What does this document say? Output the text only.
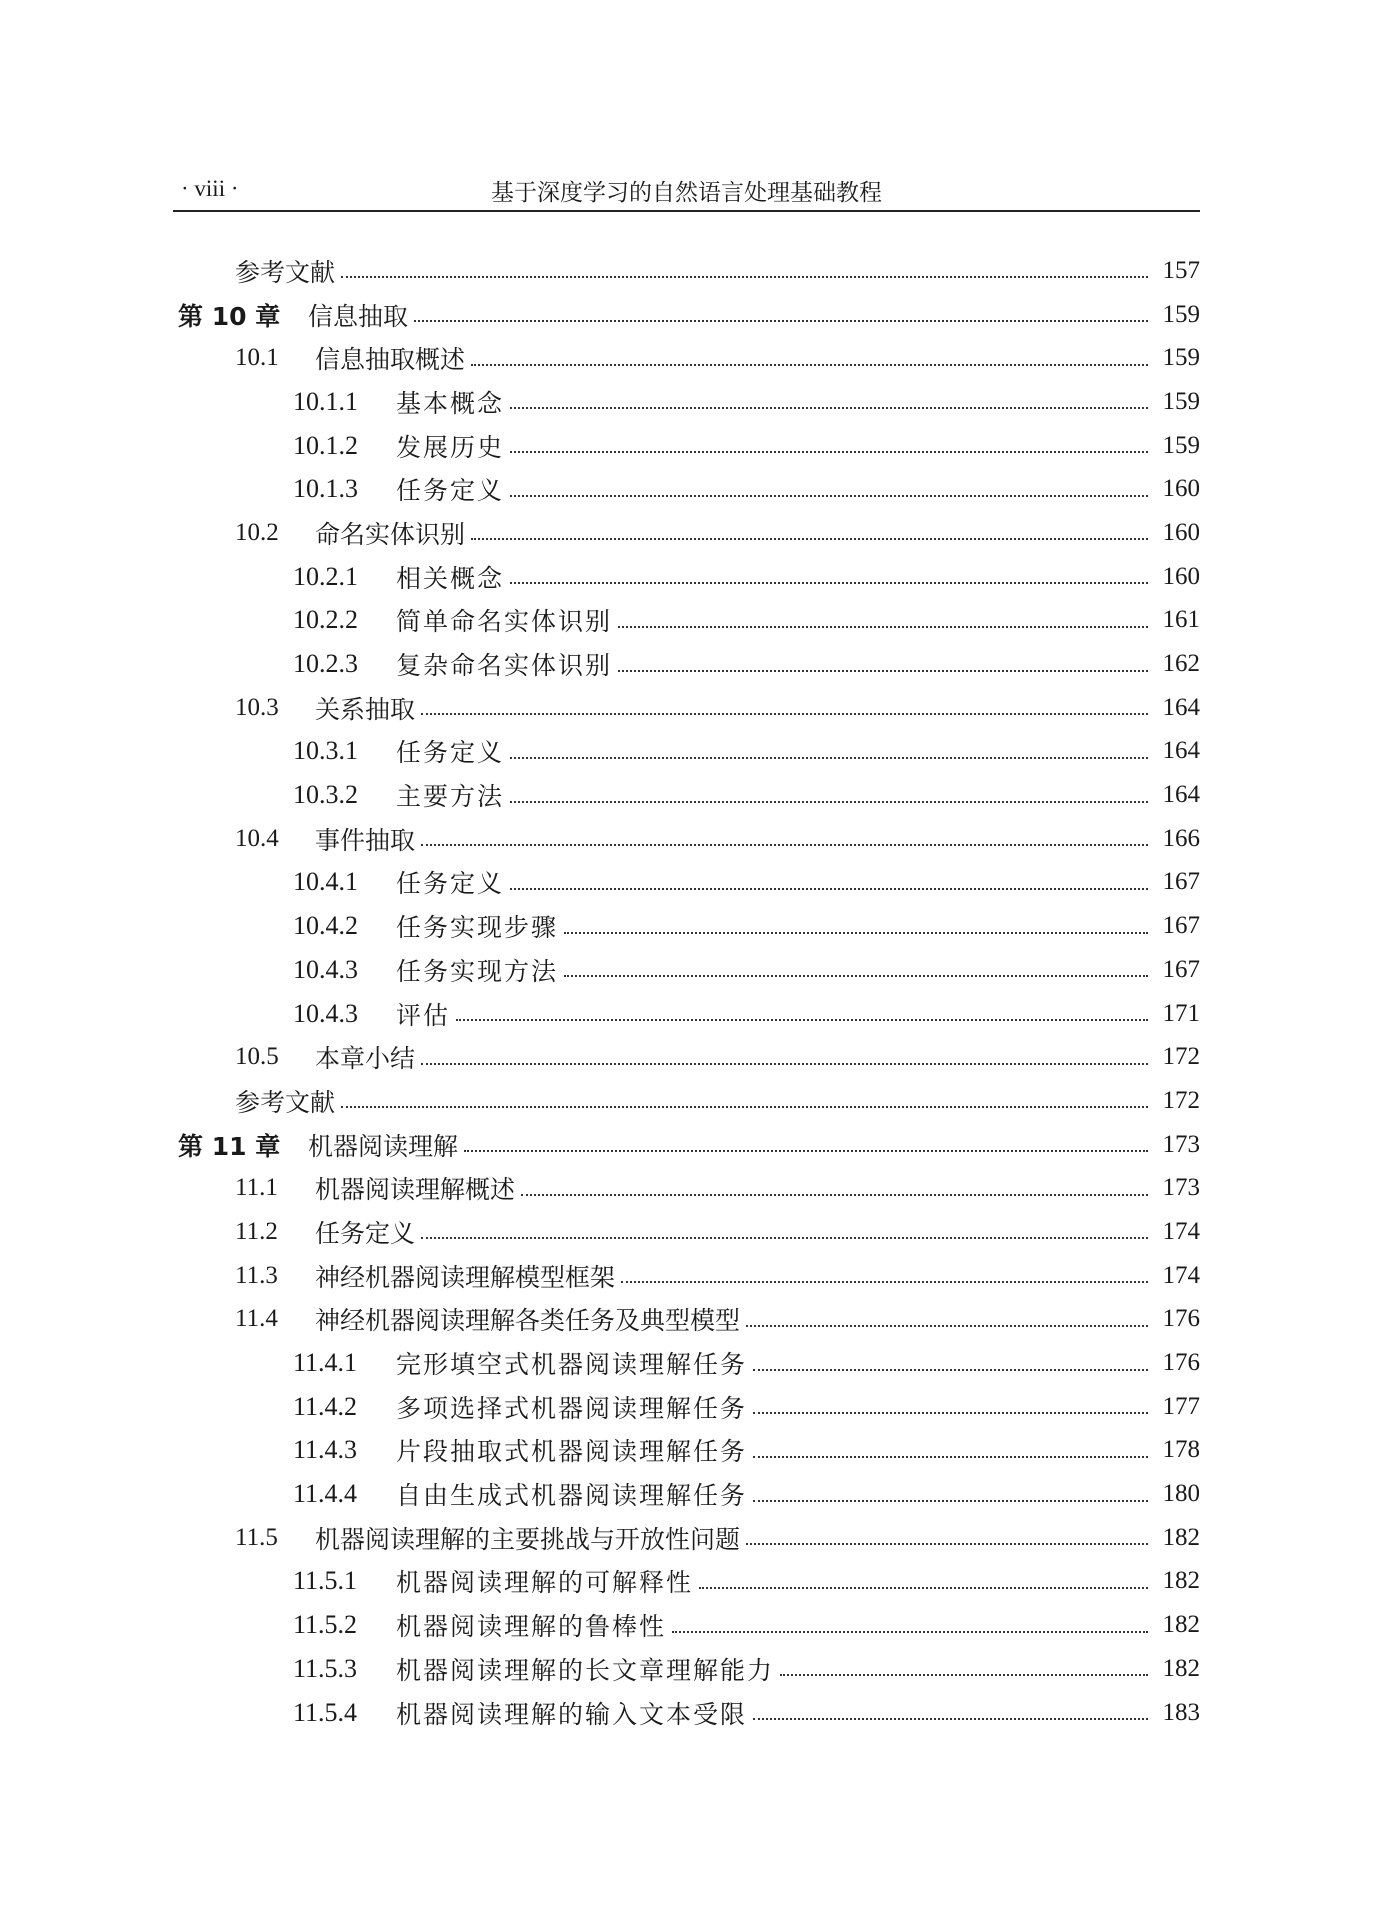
· viii ·	基于深度学习的自然语言处理基础教程
参考文献	157
第 10 章	信息抽取	159
10.1	信息抽取概述	159
10.1.1	基本概念	159
10.1.2	发展历史	159
10.1.3	任务定义	160
10.2	命名实体识别	160
10.2.1	相关概念	160
10.2.2	简单命名实体识别	161
10.2.3	复杂命名实体识别	162
10.3	关系抽取	164
10.3.1	任务定义	164
10.3.2	主要方法	164
10.4	事件抽取	166
10.4.1	任务定义	167
10.4.2	任务实现步骤	167
10.4.3	任务实现方法	167
10.4.3	评估	171
10.5	本章小结	172
参考文献	172
第 11 章	机器阅读理解	173
11.1	机器阅读理解概述	173
11.2	任务定义	174
11.3	神经机器阅读理解模型框架	174
11.4	神经机器阅读理解各类任务及典型模型	176
11.4.1	完形填空式机器阅读理解任务	176
11.4.2	多项选择式机器阅读理解任务	177
11.4.3	片段抽取式机器阅读理解任务	178
11.4.4	自由生成式机器阅读理解任务	180
11.5	机器阅读理解的主要挑战与开放性问题	182
11.5.1	机器阅读理解的可解释性	182
11.5.2	机器阅读理解的鲁棒性	182
11.5.3	机器阅读理解的长文章理解能力	182
11.5.4	机器阅读理解的输入文本受限	183
